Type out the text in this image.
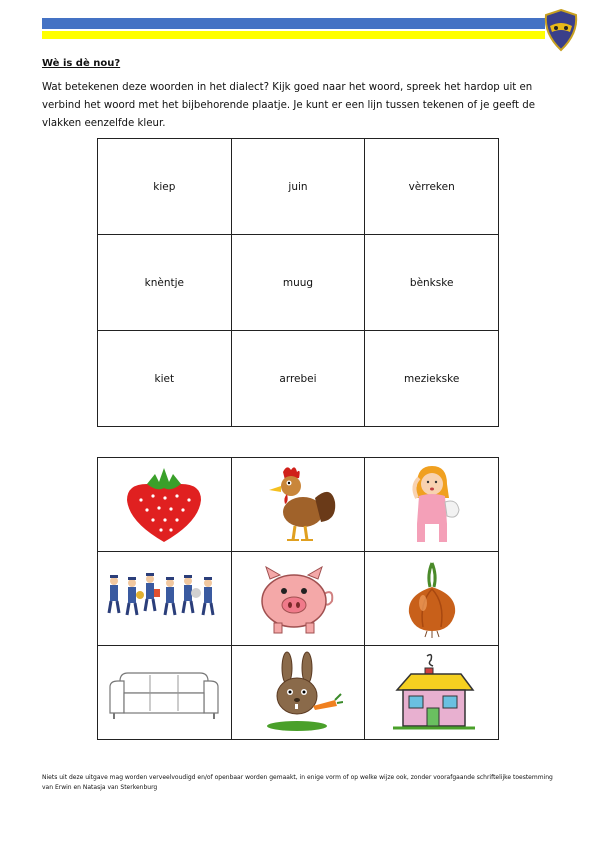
Wè is dè nou?

Wat betekenen deze woorden in het dialect? Kijk goed naar het woord, spreek het hardop uit en verbind het woord met het bijbehorende plaatje. Je kunt er een lijn tussen tekenen of je geeft de vlakken eenzelfde kleur.

kiep	juin	vèrreken
knèntje	muug	bènkske
kiet	arrebei	meziekske

Niets uit deze uitgave mag worden verveelvoudigd en/of openbaar worden gemaakt, in enige vorm of op welke wijze ook, zonder voorafgaande schriftelijke toestemming van Erwin en Natasja van Sterkenburg
